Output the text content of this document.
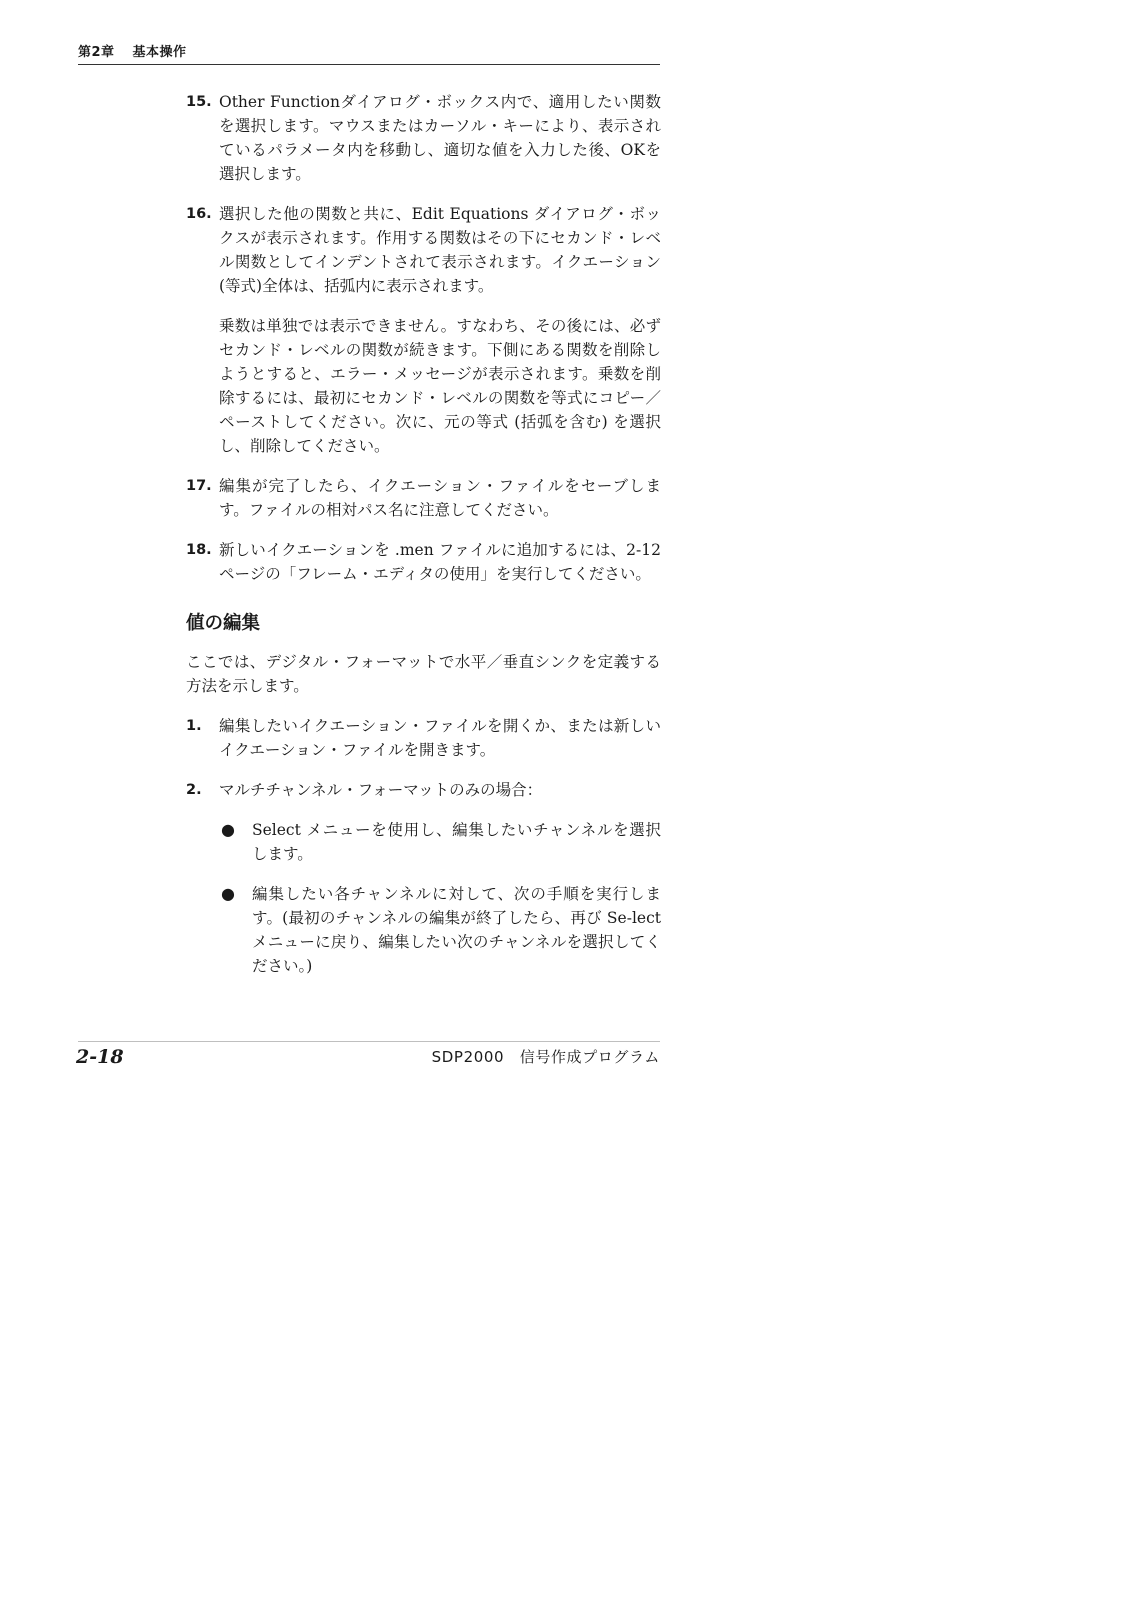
第2章 基本操作
15. Other Functionダイアログ・ボックス内で、適用したい関数を選択します。マウスまたはカーソル・キーにより、表示されているパラメータ内を移動し、適切な値を入力した後、OKを選択します。
16. 選択した他の関数と共に、Edit Equations ダイアログ・ボックスが表示されます。作用する関数はその下にセカンド・レベル関数としてインデントされて表示されます。イクエーション(等式)全体は、括弧内に表示されます。
乗数は単独では表示できません。すなわち、その後には、必ずセカンド・レベルの関数が続きます。下側にある関数を削除しようとすると、エラー・メッセージが表示されます。乗数を削除するには、最初にセカンド・レベルの関数を等式にコピー／ペーストしてください。次に、元の等式 (括弧を含む) を選択し、削除してください。
17. 編集が完了したら、イクエーション・ファイルをセーブします。ファイルの相対パス名に注意してください。
18. 新しいイクエーションを .men ファイルに追加するには、2-12 ページの「フレーム・エディタの使用」を実行してください。
値の編集
ここでは、デジタル・フォーマットで水平／垂直シンクを定義する方法を示します。
1. 編集したいイクエーション・ファイルを開くか、または新しいイクエーション・ファイルを開きます。
2. マルチチャンネル・フォーマットのみの場合：
● Select メニューを使用し、編集したいチャンネルを選択します。
● 編集したい各チャンネルに対して、次の手順を実行します。(最初のチャンネルの編集が終了したら、再び Se-lect メニューに戻り、編集したい次のチャンネルを選択してください。)
2-18	SDP2000　信号作成プログラム
